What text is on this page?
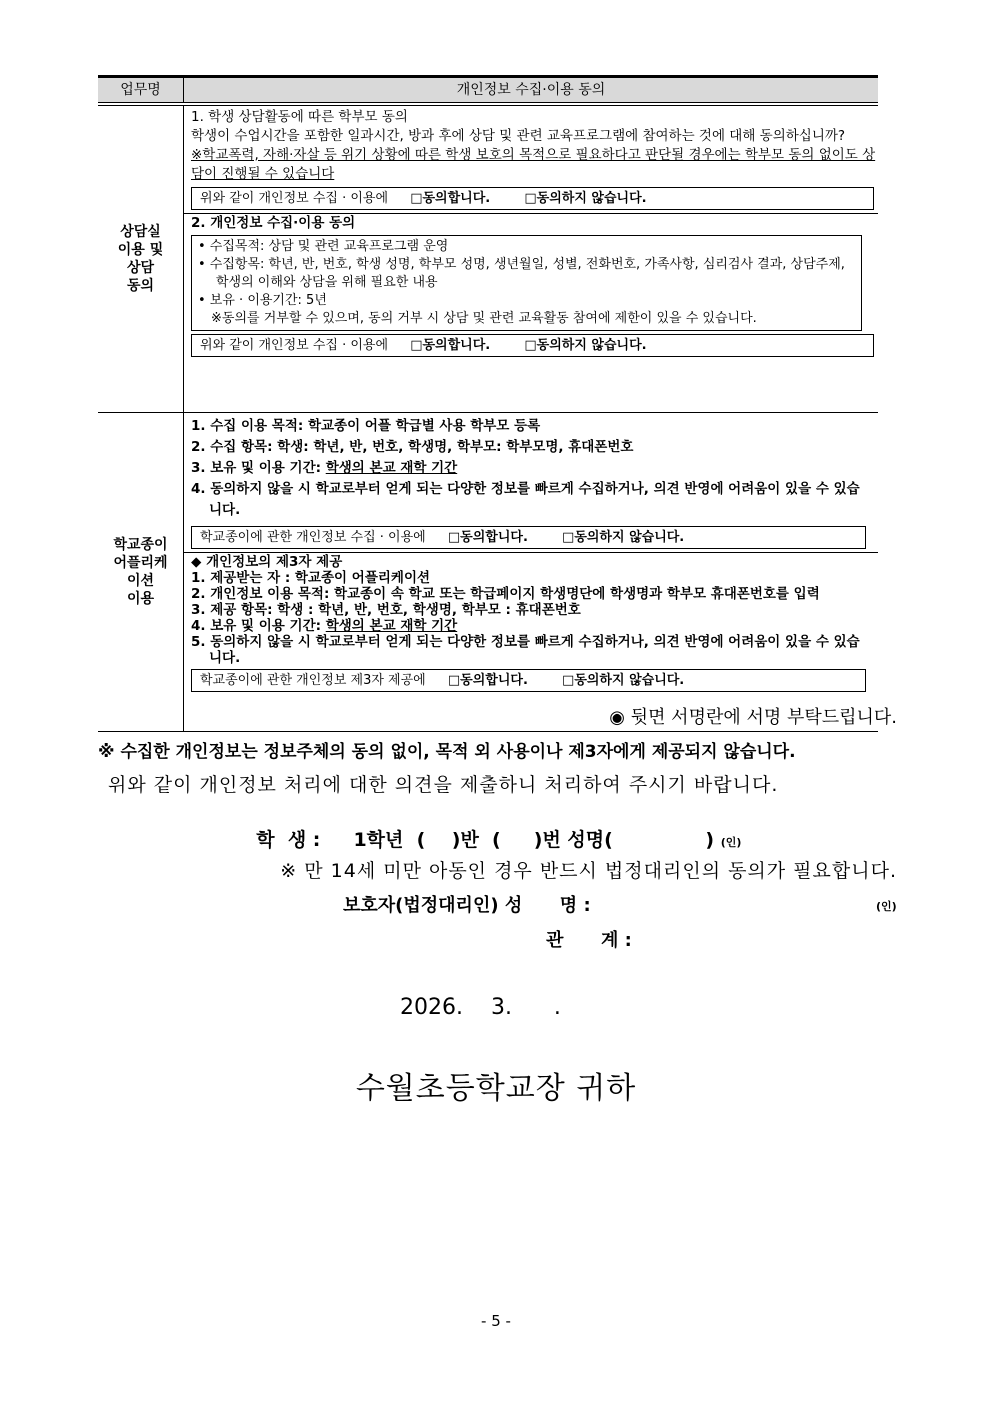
업무명	개인정보 수집·이용 동의
상담실
이용 및
상담
동의
1. 학생 상담활동에 따른 학부모 동의
학생이 수업시간을 포함한 일과시간, 방과 후에 상담 및 관련 교육프로그램에 참여하는 것에 대해 동의하십니까?
※학교폭력, 자해·자살 등 위기 상황에 따른 학생 보호의 목적으로 필요하다고 판단될 경우에는 학부모 동의 없이도 상담이 진행될 수 있습니다
위와 같이 개인정보 수집 · 이용에 □동의합니다.	□동의하지 않습니다.
2. 개인정보 수집·이용 동의
• 수집목적: 상담 및 관련 교육프로그램 운영
• 수집항목: 학년, 반, 번호, 학생 성명, 학부모 성명, 생년월일, 성별, 전화번호, 가족사항, 심리검사 결과, 상담주제, 학생의 이해와 상담을 위해 필요한 내용
• 보유 · 이용기간: 5년
※동의를 거부할 수 있으며, 동의 거부 시 상담 및 관련 교육활동 참여에 제한이 있을 수 있습니다.
위와 같이 개인정보 수집 · 이용에 □동의합니다.	□동의하지 않습니다.
학교종이
어플리케
이션
이용
1. 수집 이용 목적: 학교종이 어플 학급별 사용 학부모 등록
2. 수집 항목: 학생: 학년, 반, 번호, 학생명, 학부모: 학부모명, 휴대폰번호
3. 보유 및 이용 기간: 학생의 본교 재학 기간
4. 동의하지 않을 시 학교로부터 얻게 되는 다양한 정보를 빠르게 수집하거나, 의견 반영에 어려움이 있을 수 있습니다.
학교종이에 관한 개인정보 수집 · 이용에 □동의합니다.	□동의하지 않습니다.
◆ 개인정보의 제3자 제공
1. 제공받는 자 : 학교종이 어플리케이션
2. 개인정보 이용 목적: 학교종이 속 학교 또는 학급페이지 학생명단에 학생명과 학부모 휴대폰번호를 입력
3. 제공 항목: 학생 : 학년, 반, 번호, 학생명, 학부모 : 휴대폰번호
4. 보유 및 이용 기간: 학생의 본교 재학 기간
5. 동의하지 않을 시 학교로부터 얻게 되는 다양한 정보를 빠르게 수집하거나, 의견 반영에 어려움이 있을 수 있습니다.
학교종이에 관한 개인정보 제3자 제공에 □동의합니다.	□동의하지 않습니다.
◉ 뒷면 서명란에 서명 부탁드립니다.
※ 수집한 개인정보는 정보주체의 동의 없이, 목적 외 사용이나 제3자에게 제공되지 않습니다.
위와 같이 개인정보 처리에 대한 의견을 제출하니 처리하여 주시기 바랍니다.

학  생 :     1학년  (    )반  (     )번 성명(              ) (인)

※ 만 14세 미만 아동인 경우 반드시 법정대리인의 동의가 필요합니다.
보호자(법정대리인) 성      명 :	(인)
관      계 :
2026.    3.      .
수월초등학교장 귀하
- 5 -
